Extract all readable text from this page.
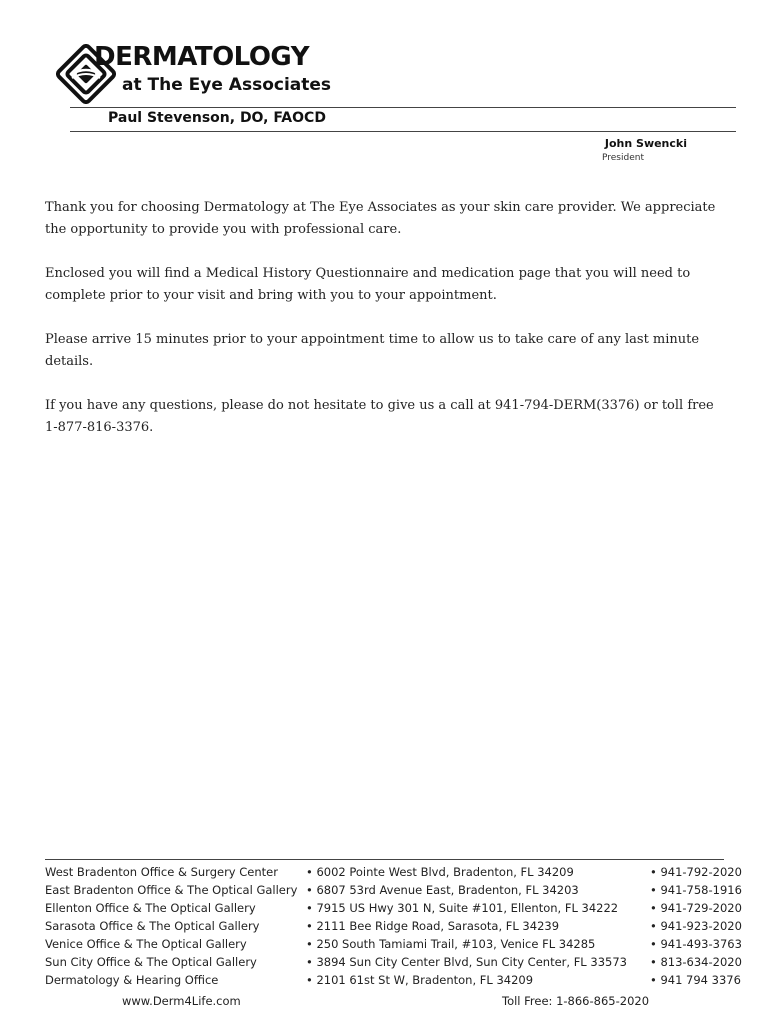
DERMATOLOGY
at The Eye Associates
Paul Stevenson, DO, FAOCD
John Swencki
President

Thank you for choosing Dermatology at The Eye Associates as your skin care provider. We appreciate the opportunity to provide you with professional care.

Enclosed you will find a Medical History Questionnaire and medication page that you will need to complete prior to your visit and bring with you to your appointment.

Please arrive 15 minutes prior to your appointment time to allow us to take care of any last minute details.

If you have any questions, please do not hesitate to give us a call at 941-794-DERM(3376) or toll free 1-877-816-3376.

West Bradenton Office & Surgery Center • 6002 Pointe West Blvd, Bradenton, FL 34209	• 941-792-2020
East Bradenton Office & The Optical Gallery • 6807 53rd Avenue East, Bradenton, FL 34203	• 941-758-1916
Ellenton Office & The Optical Gallery	• 7915 US Hwy 301 N, Suite #101, Ellenton, FL 34222	• 941-729-2020
Sarasota Office & The Optical Gallery	• 2111 Bee Ridge Road, Sarasota, FL 34239	• 941-923-2020
Venice Office & The Optical Gallery	• 250 South Tamiami Trail, #103, Venice FL 34285	• 941-493-3763
Sun City Office & The Optical Gallery	• 3894 Sun City Center Blvd, Sun City Center, FL 33573 • 813-634-2020
Dermatology & Hearing Office	• 2101 61st St W, Bradenton, FL 34209	• 941 794 3376
www.Derm4Life.com	Toll Free: 1-866-865-2020
